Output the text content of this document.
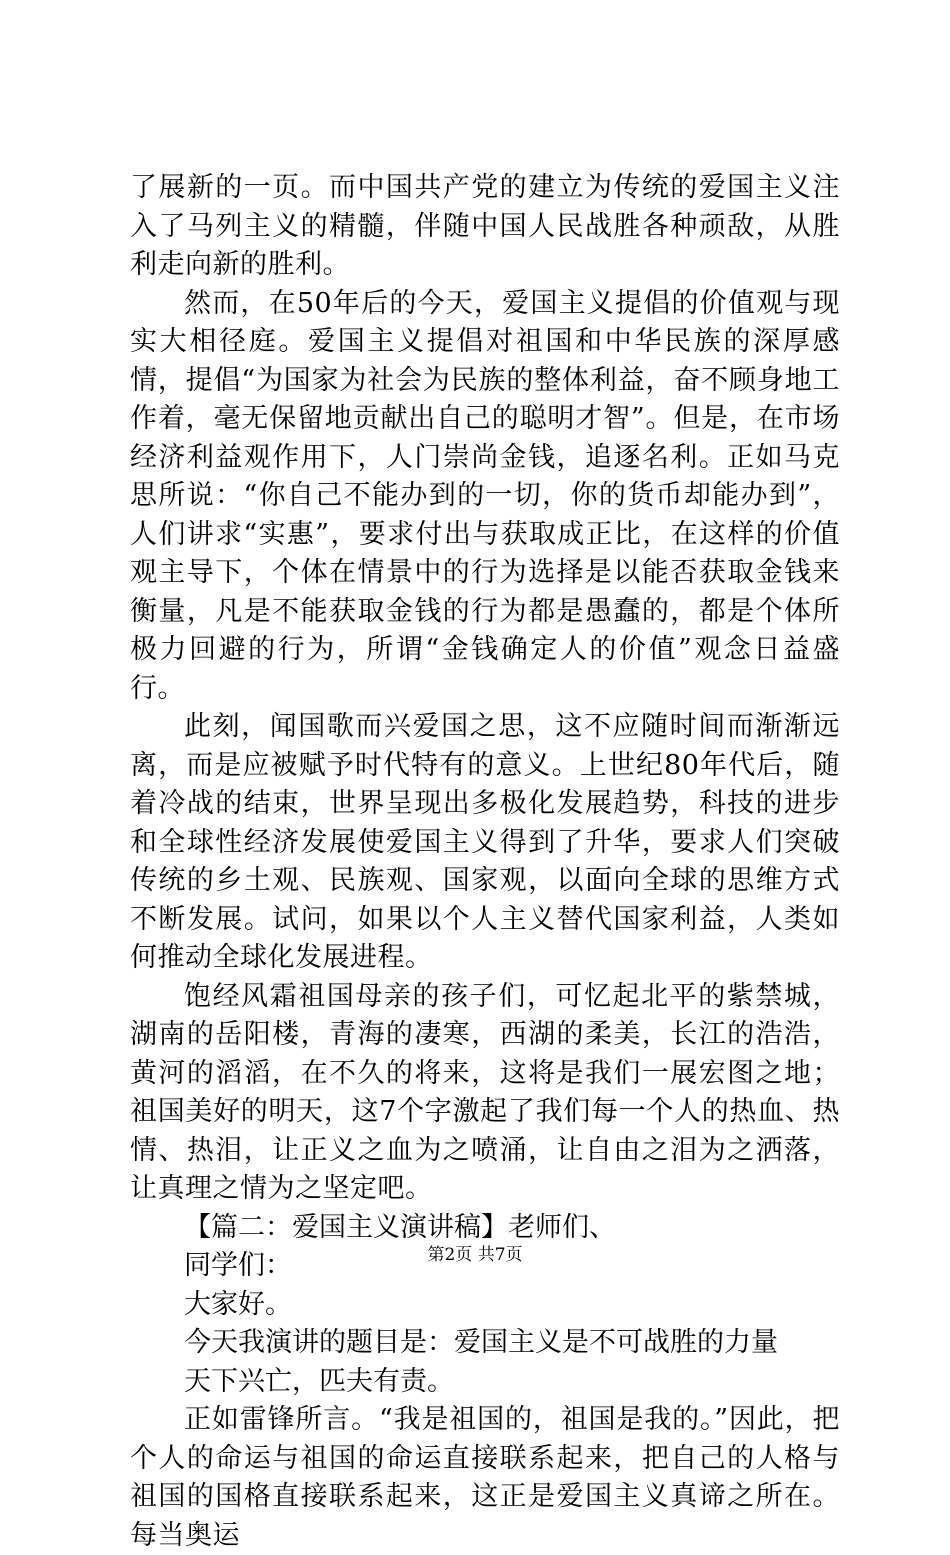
了展新的一页。而中国共产党的建立为传统的爱国主义注入了马列主义的精髓，伴随中国人民战胜各种顽敌，从胜利走向新的胜利。

然而，在50年后的今天，爱国主义提倡的价值观与现实大相径庭。爱国主义提倡对祖国和中华民族的深厚感情，提倡“为国家为社会为民族的整体利益，奋不顾身地工作着，毫无保留地贡献出自己的聪明才智”。但是，在市场经济利益观作用下，人门崇尚金钱，追逐名利。正如马克思所说：“你自己不能办到的一切，你的货币却能办到”，人们讲求“实惠”，要求付出与获取成正比，在这样的价值观主导下，个体在情景中的行为选择是以能否获取金钱来衡量，凡是不能获取金钱的行为都是愚蠢的，都是个体所极力回避的行为，所谓“金钱确定人的价值”观念日益盛行。

此刻，闻国歌而兴爱国之思，这不应随时间而渐渐远离，而是应被赋予时代特有的意义。上世纪80年代后，随着冷战的结束，世界呈现出多极化发展趋势，科技的进步和全球性经济发展使爱国主义得到了升华，要求人们突破传统的乡土观、民族观、国家观，以面向全球的思维方式不断发展。试问，如果以个人主义替代国家利益，人类如何推动全球化发展进程。

饱经风霜祖国母亲的孩子们，可忆起北平的紫禁城，湖南的岳阳楼，青海的凄寒，西湖的柔美，长江的浩浩，黄河的滔滔，在不久的将来，这将是我们一展宏图之地；祖国美好的明天，这7个字激起了我们每一个人的热血、热情、热泪，让正义之血为之喷涌，让自由之泪为之洒落，让真理之情为之坚定吧。

【篇二：爱国主义演讲稿】老师们、

同学们：

大家好。

今天我演讲的题目是：爱国主义是不可战胜的力量

天下兴亡，匹夫有责。

正如雷锋所言。“我是祖国的，祖国是我的。”因此，把个人的命运与祖国的命运直接联系起来，把自己的人格与祖国的国格直接联系起来，这正是爱国主义真谛之所在。每当奥运

第2页 共7页
